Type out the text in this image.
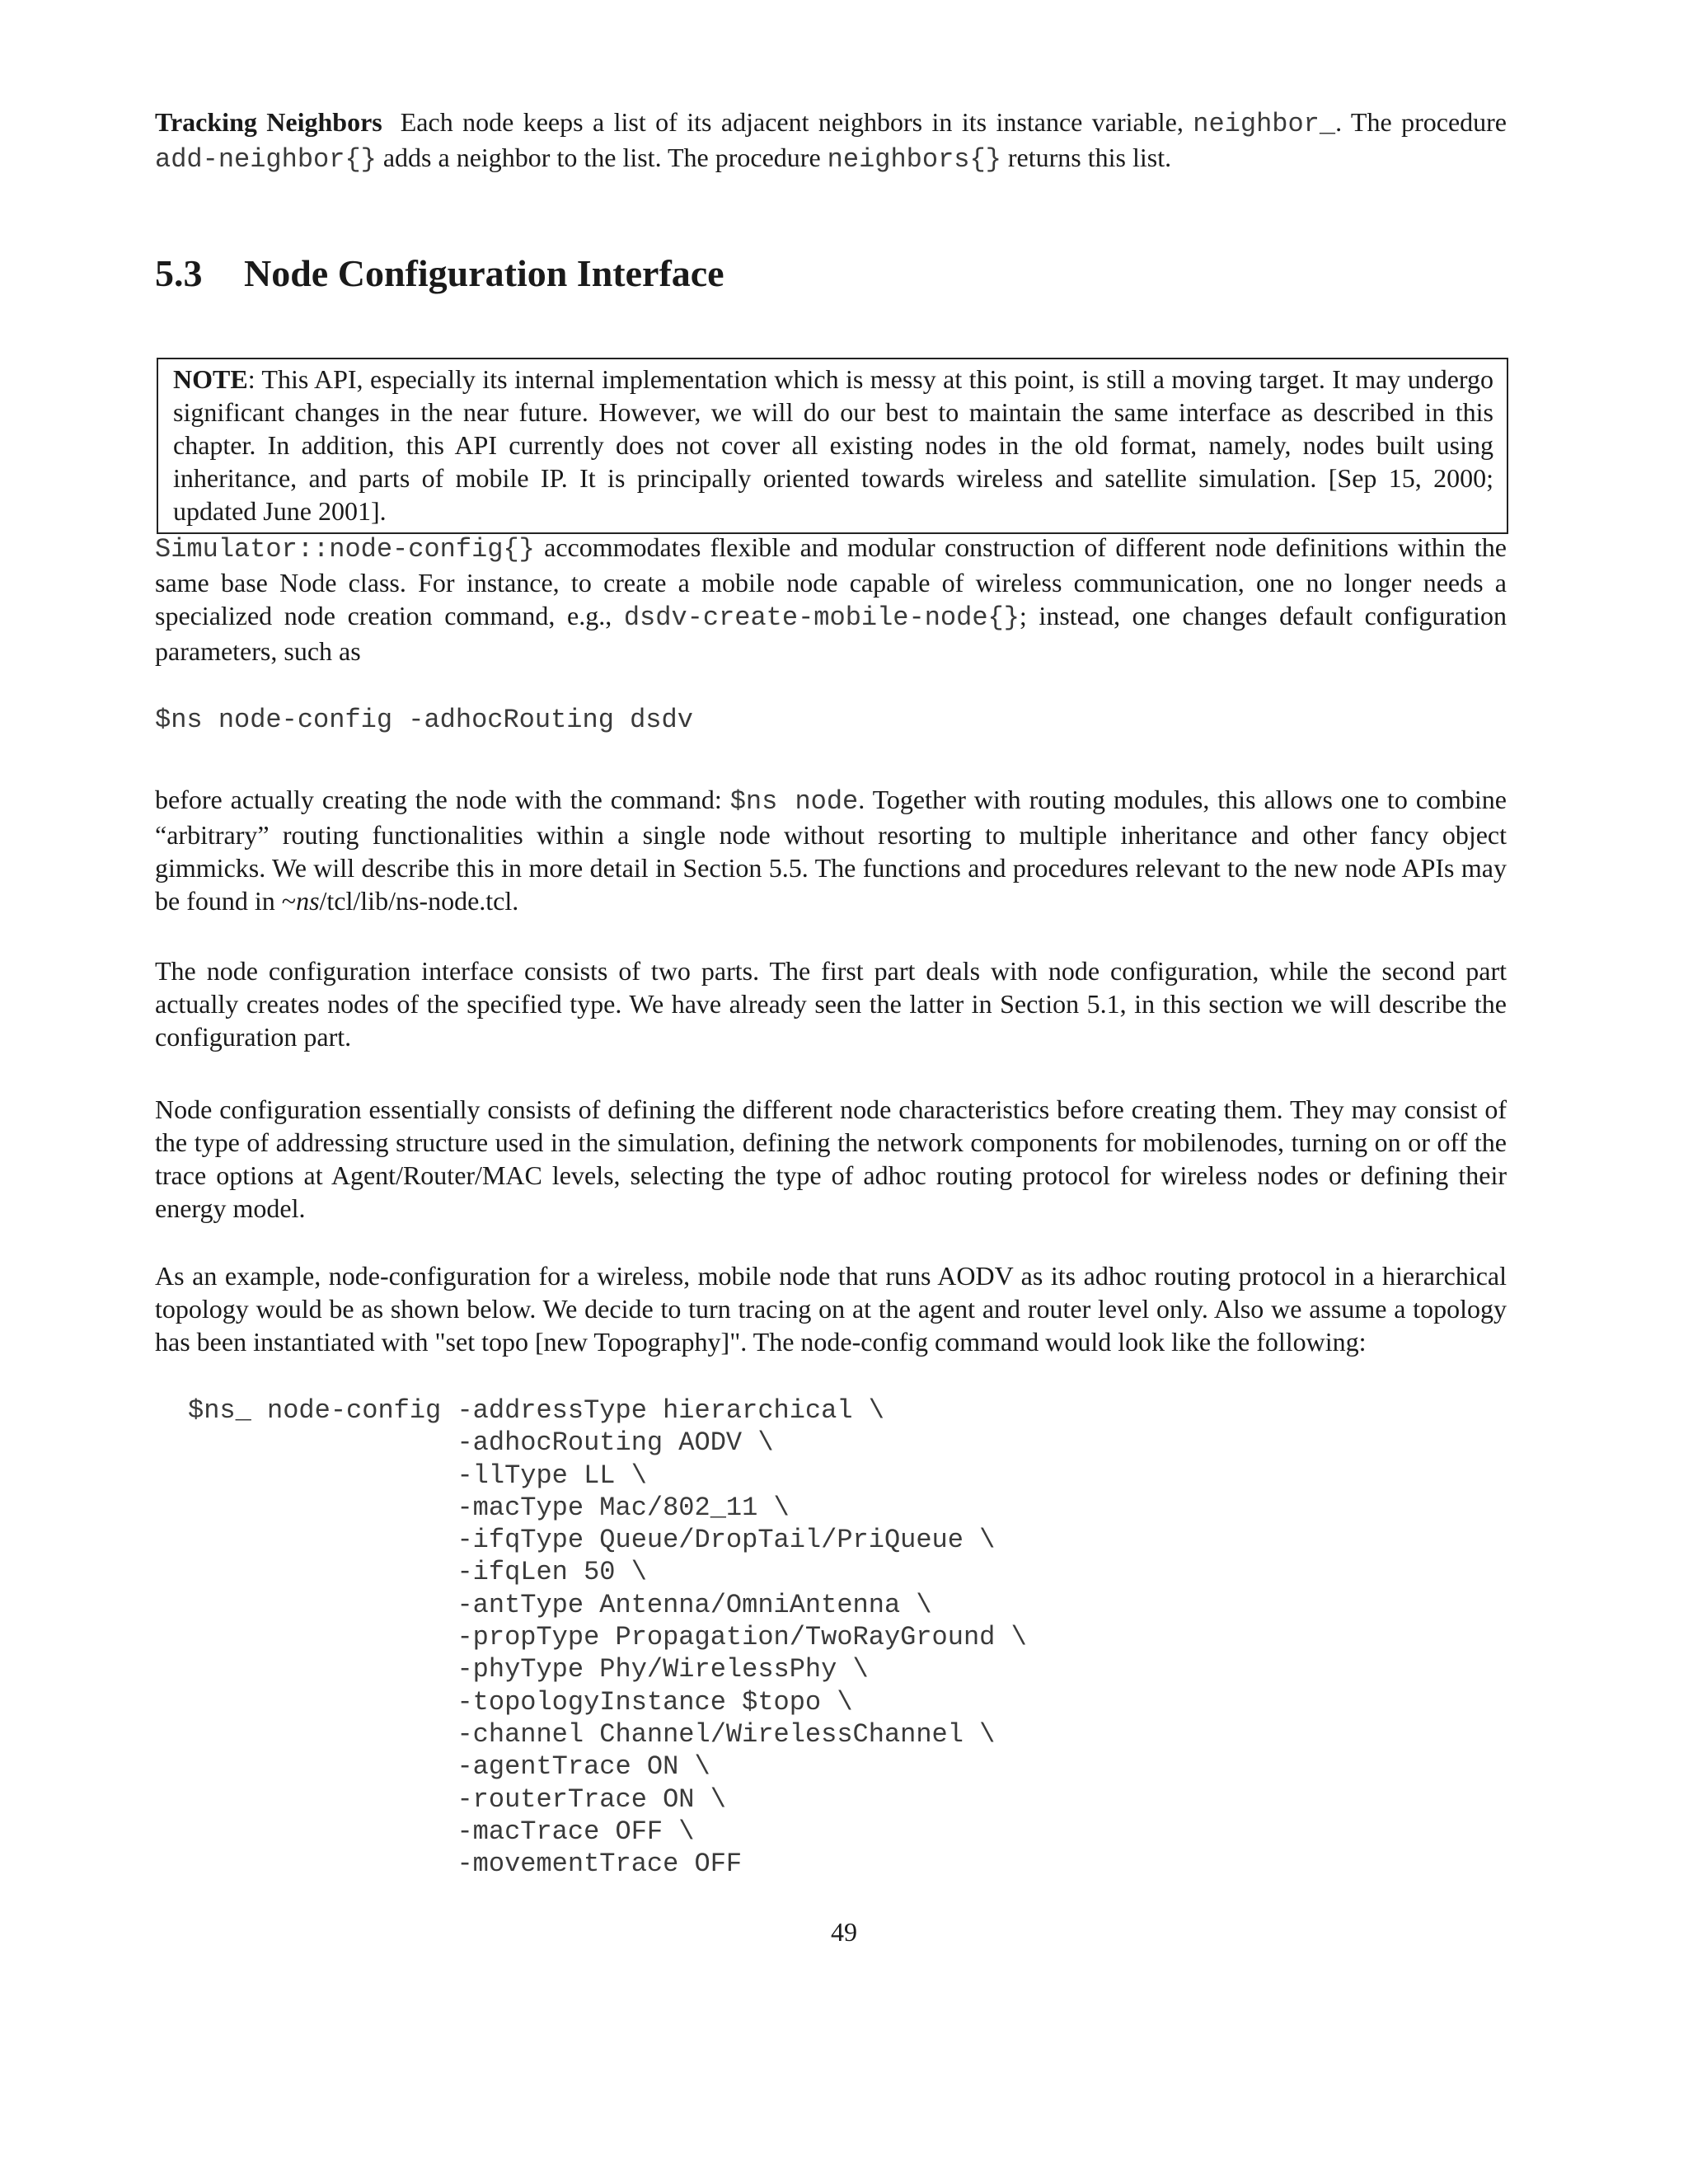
Tracking Neighbors Each node keeps a list of its adjacent neighbors in its instance variable, neighbor_. The procedure add-neighbor{} adds a neighbor to the list. The procedure neighbors{} returns this list.

5.3 Node Configuration Interface

NOTE: This API, especially its internal implementation which is messy at this point, is still a moving target. It may undergo significant changes in the near future. However, we will do our best to maintain the same interface as described in this chapter. In addition, this API currently does not cover all existing nodes in the old format, namely, nodes built using inheritance, and parts of mobile IP. It is principally oriented towards wireless and satellite simulation. [Sep 15, 2000; updated June 2001].

Simulator::node-config{} accommodates flexible and modular construction of different node definitions within the same base Node class. For instance, to create a mobile node capable of wireless communication, one no longer needs a specialized node creation command, e.g., dsdv-create-mobile-node{}; instead, one changes default configuration parameters, such as

$ns node-config -adhocRouting dsdv

before actually creating the node with the command: $ns node. Together with routing modules, this allows one to combine “arbitrary” routing functionalities within a single node without resorting to multiple inheritance and other fancy object gimmicks. We will describe this in more detail in Section 5.5. The functions and procedures relevant to the new node APIs may be found in ~ns/tcl/lib/ns-node.tcl.

The node configuration interface consists of two parts. The first part deals with node configuration, while the second part actually creates nodes of the specified type. We have already seen the latter in Section 5.1, in this section we will describe the configuration part.

Node configuration essentially consists of defining the different node characteristics before creating them. They may consist of the type of addressing structure used in the simulation, defining the network components for mobilenodes, turning on or off the trace options at Agent/Router/MAC levels, selecting the type of adhoc routing protocol for wireless nodes or defining their energy model.

As an example, node-configuration for a wireless, mobile node that runs AODV as its adhoc routing protocol in a hierarchical topology would be as shown below. We decide to turn tracing on at the agent and router level only. Also we assume a topology has been instantiated with "set topo [new Topography]". The node-config command would look like the following:

$ns_ node-config -addressType hierarchical \
-adhocRouting AODV \
-llType LL \
-macType Mac/802_11 \
-ifqType Queue/DropTail/PriQueue \
-ifqLen 50 \
-antType Antenna/OmniAntenna \
-propType Propagation/TwoRayGround \
-phyType Phy/WirelessPhy \
-topologyInstance $topo \
-channel Channel/WirelessChannel \
-agentTrace ON \
-routerTrace ON \
-macTrace OFF \
-movementTrace OFF
49
